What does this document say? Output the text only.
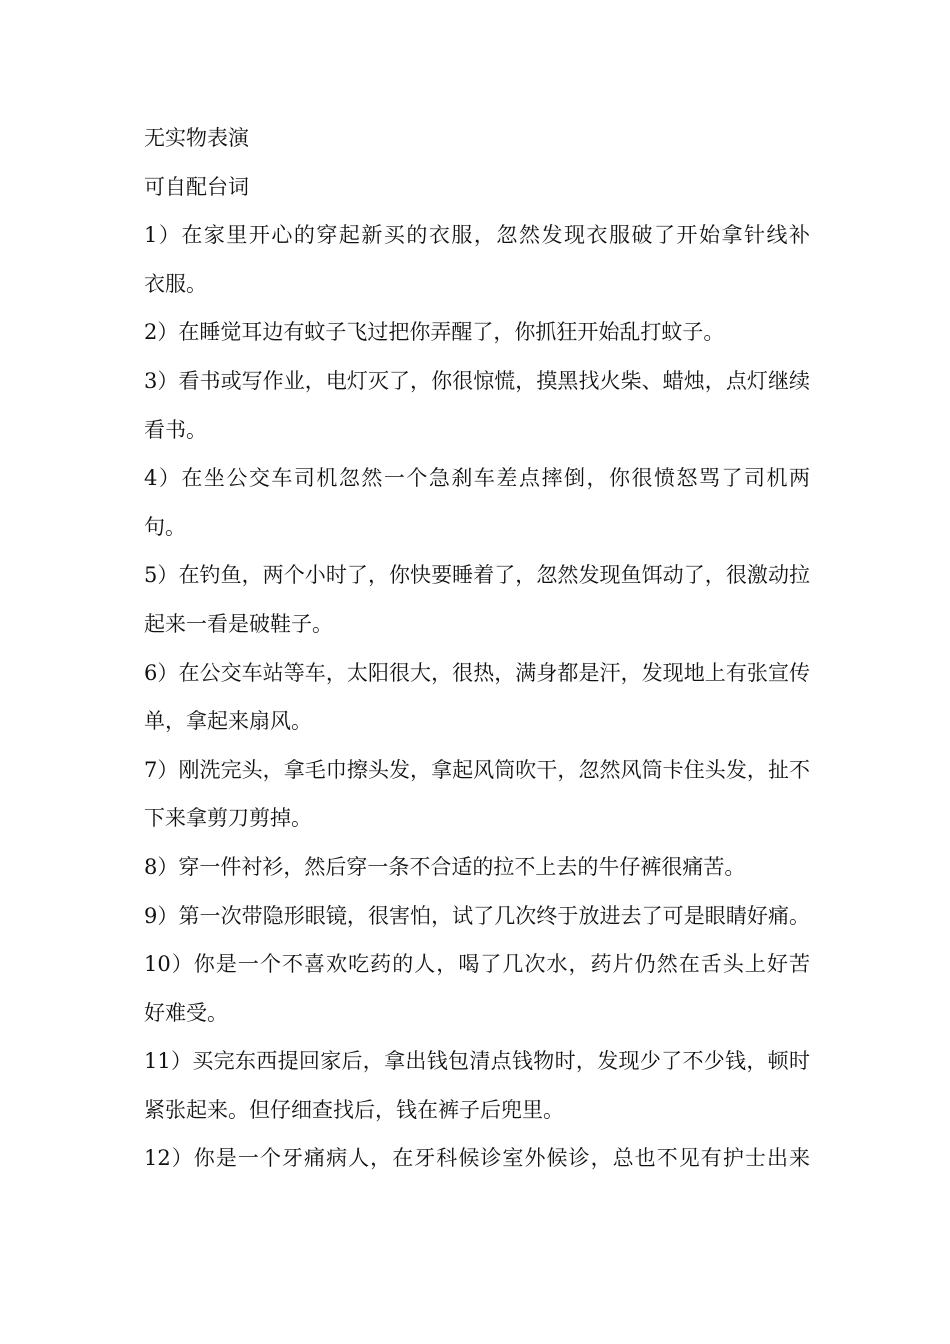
无实物表演
可自配台词
1）在家里开心的穿起新买的衣服，忽然发现衣服破了开始拿针线补
衣服。
2）在睡觉耳边有蚊子飞过把你弄醒了，你抓狂开始乱打蚊子。
3）看书或写作业，电灯灭了，你很惊慌，摸黑找火柴、蜡烛，点灯继续
看书。
4）在坐公交车司机忽然一个急刹车差点摔倒，你很愤怒骂了司机两
句。
5）在钓鱼，两个小时了，你快要睡着了，忽然发现鱼饵动了，很激动拉
起来一看是破鞋子。
6）在公交车站等车，太阳很大，很热，满身都是汗，发现地上有张宣传
单，拿起来扇风。
7）刚洗完头，拿毛巾擦头发，拿起风筒吹干，忽然风筒卡住头发，扯不
下来拿剪刀剪掉。
8）穿一件衬衫，然后穿一条不合适的拉不上去的牛仔裤很痛苦。
9）第一次带隐形眼镜，很害怕，试了几次终于放进去了可是眼睛好痛。
10）你是一个不喜欢吃药的人，喝了几次水，药片仍然在舌头上好苦
好难受。
11）买完东西提回家后，拿出钱包清点钱物时，发现少了不少钱，顿时
紧张起来。但仔细查找后，钱在裤子后兜里。
12）你是一个牙痛病人，在牙科候诊室外候诊，总也不见有护士出来
